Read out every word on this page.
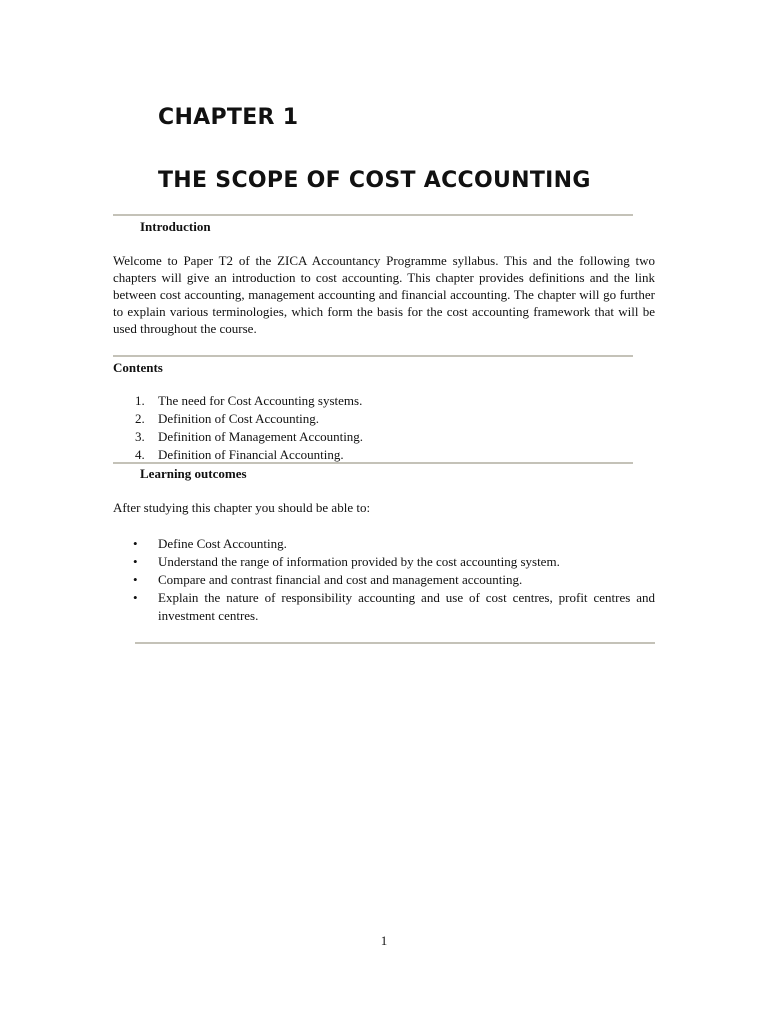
CHAPTER 1
THE SCOPE OF COST ACCOUNTING
Introduction

Welcome to Paper T2 of the ZICA Accountancy Programme syllabus. This and the following two chapters will give an introduction to cost accounting. This chapter provides definitions and the link between cost accounting, management accounting and financial accounting. The chapter will go further to explain various terminologies, which form the basis for the cost accounting framework that will be used throughout the course.

Contents
1. The need for Cost Accounting systems.
2. Definition of Cost Accounting.
3. Definition of Management Accounting.
4. Definition of Financial Accounting.
Learning outcomes

After studying this chapter you should be able to:

• Define Cost Accounting.
• Understand the range of information provided by the cost accounting system.
• Compare and contrast financial and cost and management accounting.
• Explain the nature of responsibility accounting and use of cost centres, profit centres and investment centres.
1
